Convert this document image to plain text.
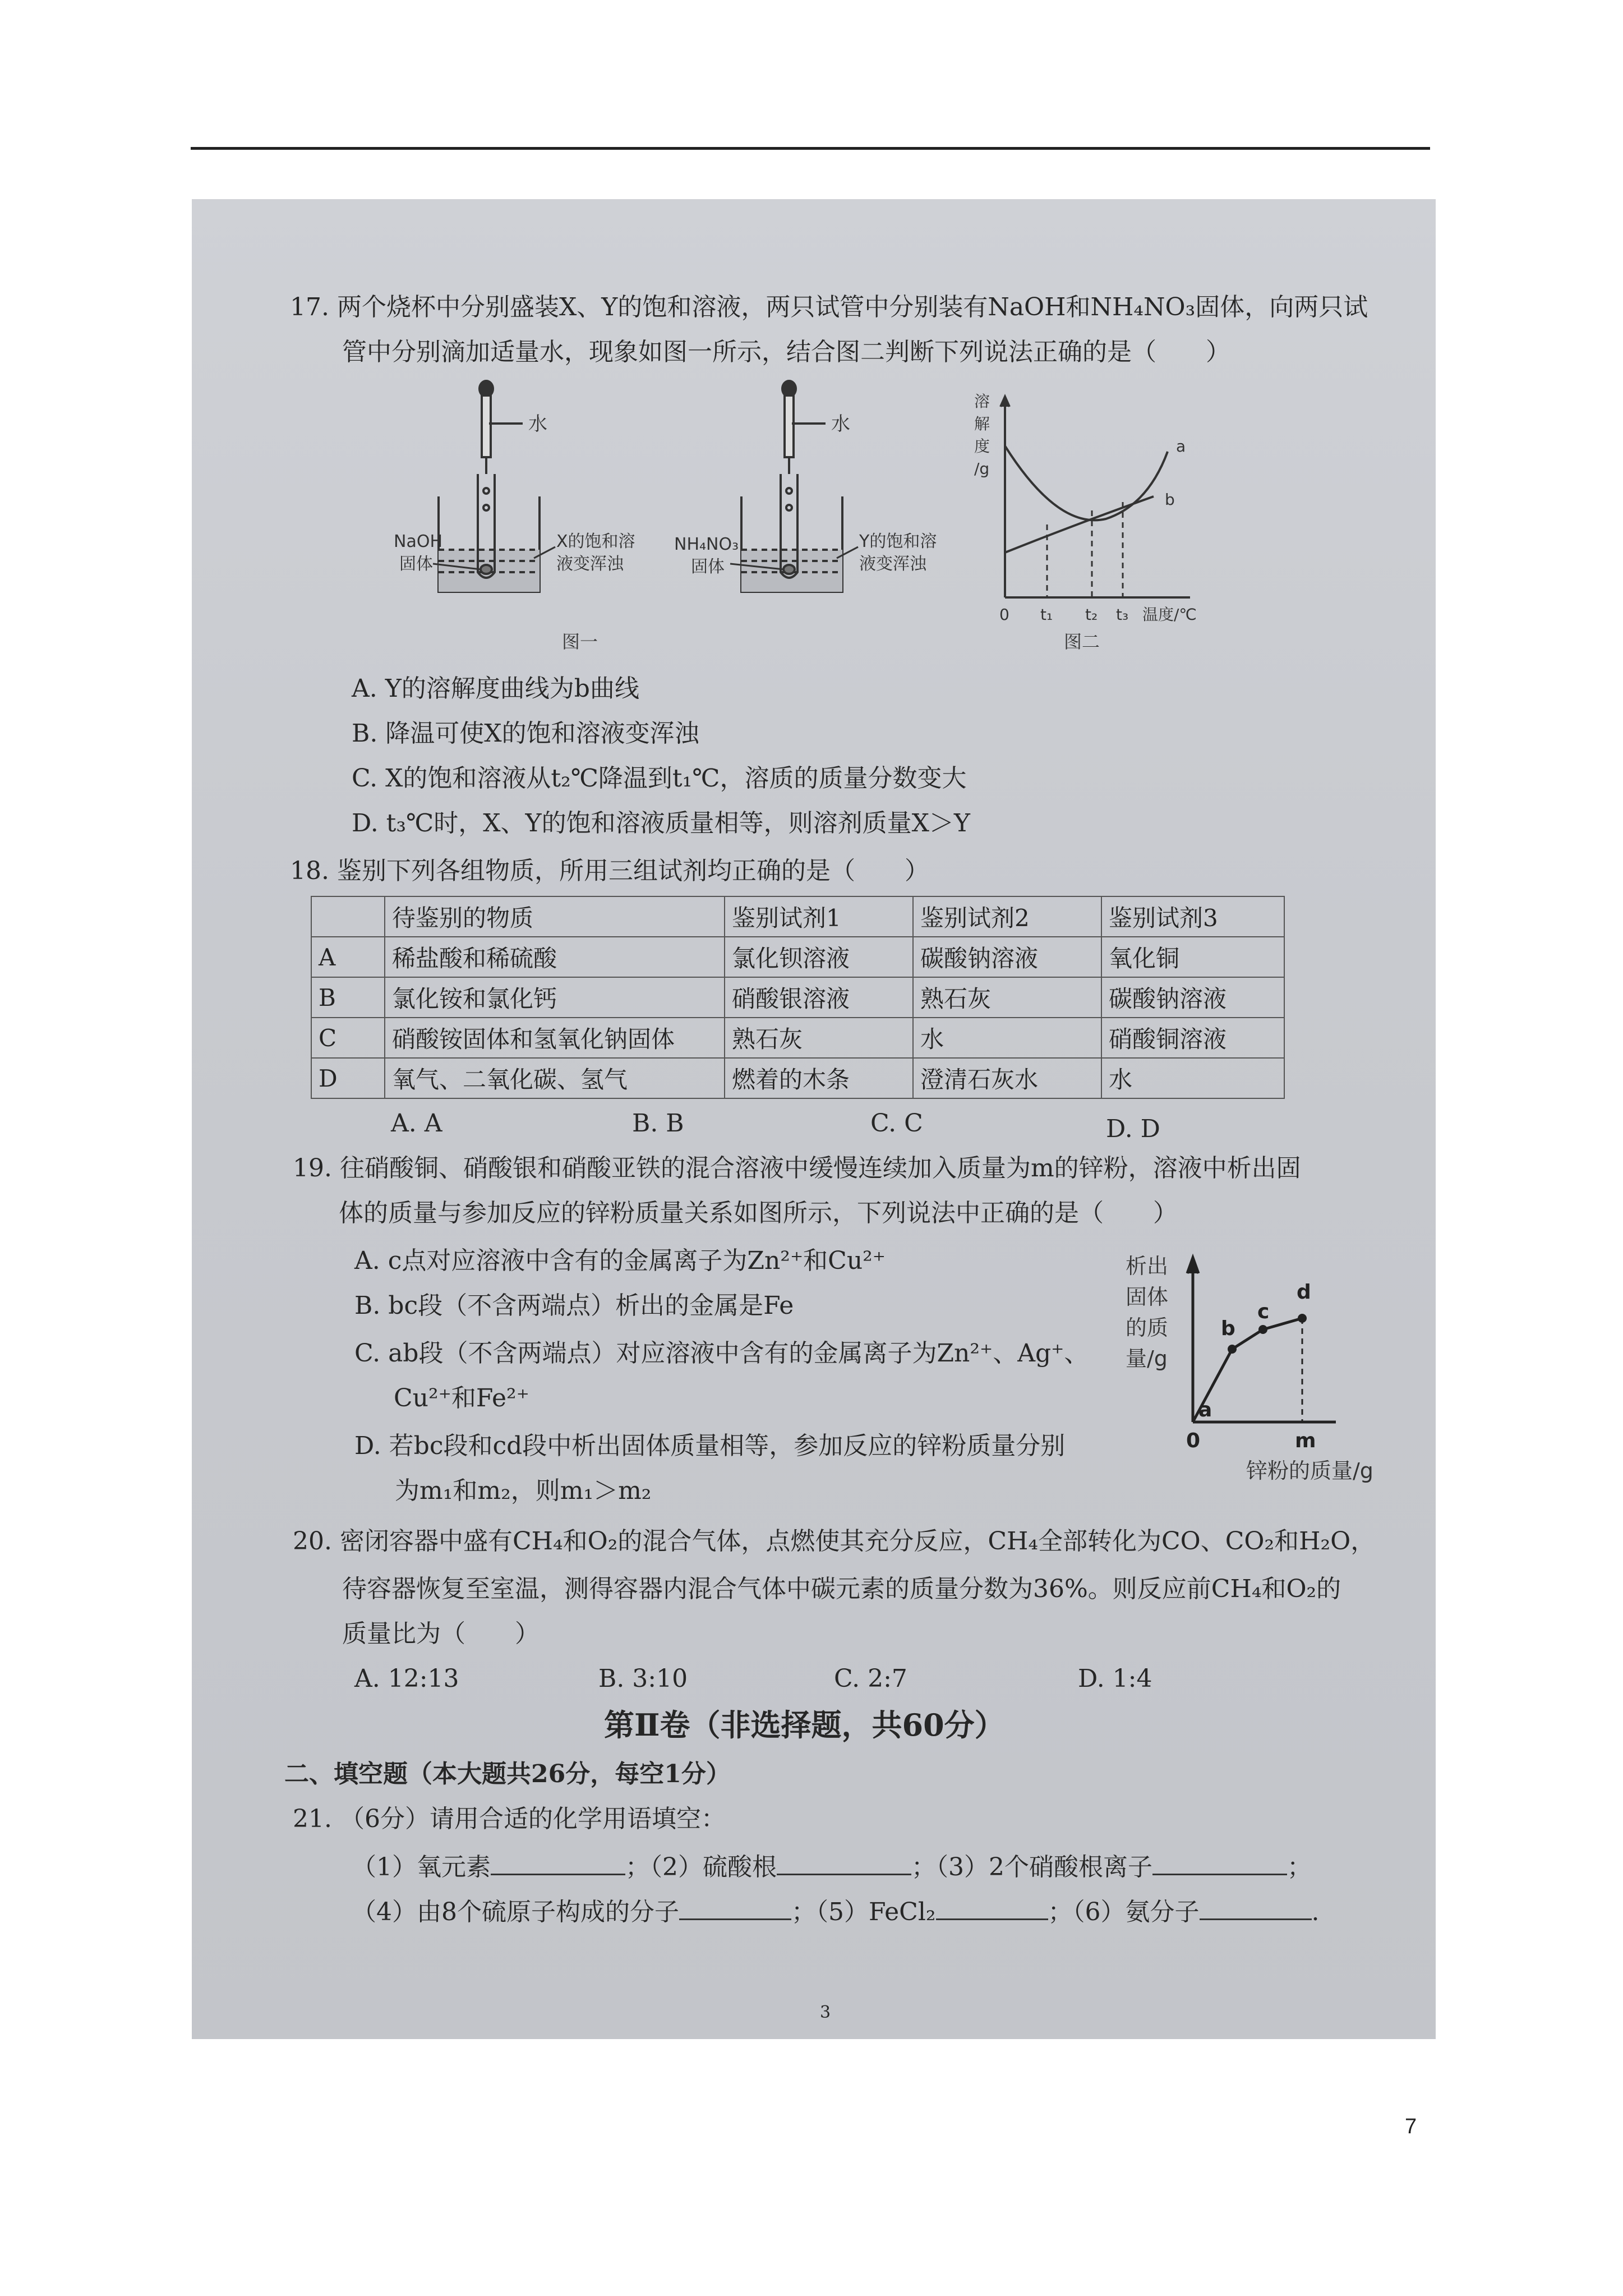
17. 两个烧杯中分别盛装X、Y的饱和溶液，两只试管中分别装有NaOH和NH₄NO₃固体，向两只试
管中分别滴加适量水，现象如图一所示，结合图二判断下列说法正确的是（　　）
水
NaOH
固体
X的饱和溶
液变浑浊
图一
水
NH₄NO₃
固体
Y的饱和溶
液变浑浊
溶
解
度
/g
a
b
0 t₁ t₂ t₃ 温度/℃
图二
A. Y的溶解度曲线为b曲线
B. 降温可使X的饱和溶液变浑浊
C. X的饱和溶液从t₂℃降温到t₁℃，溶质的质量分数变大
D. t₃℃时，X、Y的饱和溶液质量相等，则溶剂质量X＞Y
18. 鉴别下列各组物质，所用三组试剂均正确的是（　　）
	待鉴别的物质	鉴别试剂1	鉴别试剂2	鉴别试剂3
A	稀盐酸和稀硫酸	氯化钡溶液	碳酸钠溶液	氧化铜
B	氯化铵和氯化钙	硝酸银溶液	熟石灰	碳酸钠溶液
C	硝酸铵固体和氢氧化钠固体	熟石灰	水	硝酸铜溶液
D	氧气、二氧化碳、氢气	燃着的木条	澄清石灰水	水
A. A	B. B	C. C	D. D
19. 往硝酸铜、硝酸银和硝酸亚铁的混合溶液中缓慢连续加入质量为m的锌粉，溶液中析出固
体的质量与参加反应的锌粉质量关系如图所示，下列说法中正确的是（　　）
A. c点对应溶液中含有的金属离子为Zn²⁺和Cu²⁺
B. bc段（不含两端点）析出的金属是Fe
C. ab段（不含两端点）对应溶液中含有的金属离子为Zn²⁺、Ag⁺、
Cu²⁺和Fe²⁺
D. 若bc段和cd段中析出固体质量相等，参加反应的锌粉质量分别
为m₁和m₂，则m₁＞m₂
析出
固体
的质
量/g
a
b
c
d
0	m
锌粉的质量/g
20. 密闭容器中盛有CH₄和O₂的混合气体，点燃使其充分反应，CH₄全部转化为CO、CO₂和H₂O，
待容器恢复至室温，测得容器内混合气体中碳元素的质量分数为36%。则反应前CH₄和O₂的
质量比为（　　）
A. 12:13	B. 3:10	C. 2:7	D. 1:4
第Ⅱ卷（非选择题，共60分）
二、填空题（本大题共26分，每空1分）
21. （6分）请用合适的化学用语填空：
（1）氧元素	；（2）硫酸根	；（3）2个硝酸根离子	；
（4）由8个硫原子构成的分子	；（5）FeCl₂	；（6）氨分子	.
3
7
